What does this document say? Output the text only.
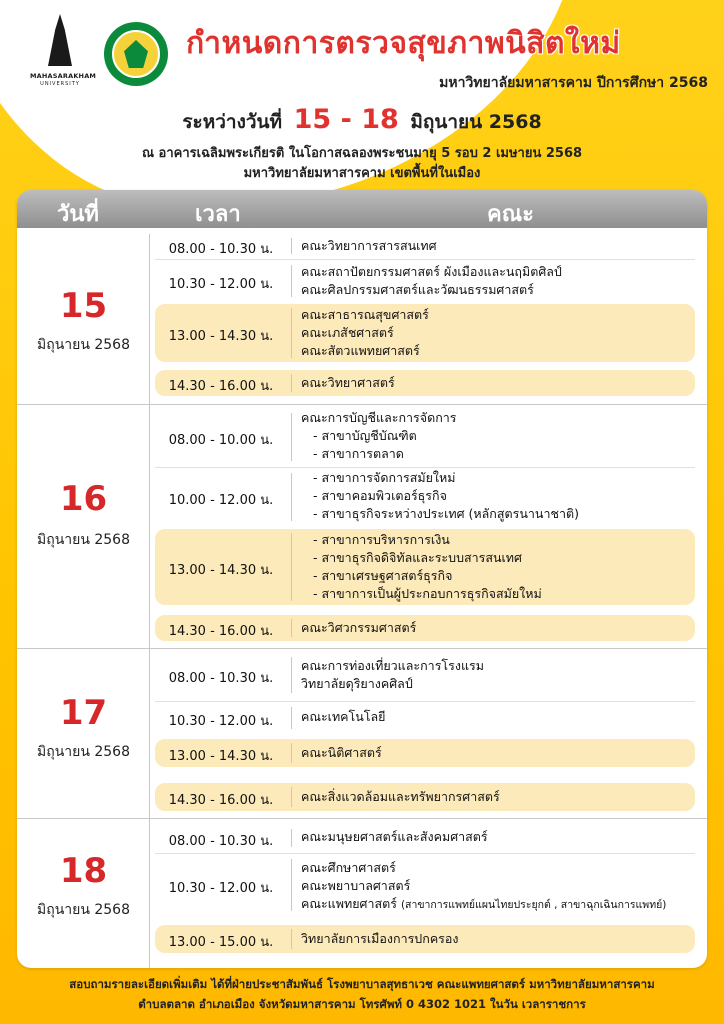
MAHASARAKHAM
UNIVERSITY
กำหนดการตรวจสุขภาพนิสิตใหม่
มหาวิทยาลัยมหาสารคาม ปีการศึกษา 2568
ระหว่างวันที่ 15 - 18 มิถุนายน 2568
ณ อาคารเฉลิมพระเกียรติ ในโอกาสฉลองพระชนมายุ 5 รอบ 2 เมษายน 2568
มหาวิทยาลัยมหาสารคาม เขตพื้นที่ในเมือง
วันที่	เวลา	คณะ
15
มิถุนายน 2568
08.00 - 10.30 น.	คณะวิทยาการสารสนเทศ
10.30 - 12.00 น.
คณะสถาปัตยกรรมศาสตร์ ผังเมืองและนฤมิตศิลป์
คณะศิลปกรรมศาสตร์และวัฒนธรรมศาสตร์
13.00 - 14.30 น.
คณะสาธารณสุขศาสตร์
คณะเภสัชศาสตร์
คณะสัตวแพทยศาสตร์
14.30 - 16.00 น.	คณะวิทยาศาสตร์
16
มิถุนายน 2568
08.00 - 10.00 น.
คณะการบัญชีและการจัดการ
- สาขาบัญชีบัณฑิต
- สาขาการตลาด
10.00 - 12.00 น.
- สาขาการจัดการสมัยใหม่
- สาขาคอมพิวเตอร์ธุรกิจ
- สาขาธุรกิจระหว่างประเทศ (หลักสูตรนานาชาติ)
13.00 - 14.30 น.
- สาขาการบริหารการเงิน
- สาขาธุรกิจดิจิทัลและระบบสารสนเทศ
- สาขาเศรษฐศาสตร์ธุรกิจ
- สาขาการเป็นผู้ประกอบการธุรกิจสมัยใหม่
14.30 - 16.00 น.	คณะวิศวกรรมศาสตร์
17
มิถุนายน 2568
08.00 - 10.30 น.
คณะการท่องเที่ยวและการโรงแรม
วิทยาลัยดุริยางคศิลป์
10.30 - 12.00 น.	คณะเทคโนโลยี
13.00 - 14.30 น.	คณะนิติศาสตร์
14.30 - 16.00 น.	คณะสิ่งแวดล้อมและทรัพยากรศาสตร์
18
มิถุนายน 2568
08.00 - 10.30 น.	คณะมนุษยศาสตร์และสังคมศาสตร์
10.30 - 12.00 น.
คณะศึกษาศาสตร์
คณะพยาบาลศาสตร์
คณะแพทยศาสตร์ (สาขาการแพทย์แผนไทยประยุกต์ , สาขาฉุกเฉินการแพทย์)
13.00 - 15.00 น.	วิทยาลัยการเมืองการปกครอง
สอบถามรายละเอียดเพิ่มเติม ได้ที่ฝ่ายประชาสัมพันธ์ โรงพยาบาลสุทธาเวช คณะแพทยศาสตร์ มหาวิทยาลัยมหาสารคาม
ตำบลตลาด อำเภอเมือง จังหวัดมหาสารคาม โทรศัพท์ 0 4302 1021 ในวัน เวลาราชการ
